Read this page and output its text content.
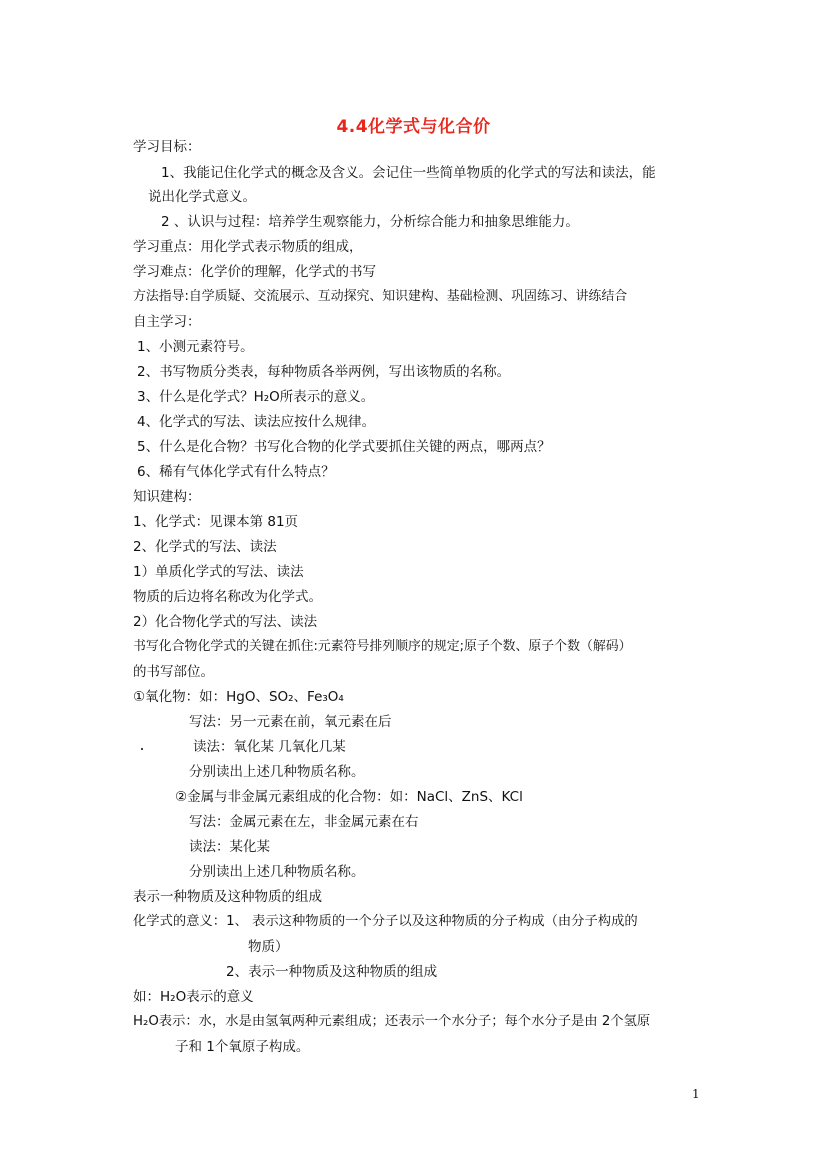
4.4化学式与化合价
学习目标：
1、我能记住化学式的概念及含义。会记住一些简单物质的化学式的写法和读法，能
说出化学式意义。
2 、认识与过程：培养学生观察能力，分析综合能力和抽象思维能力。
学习重点：用化学式表示物质的组成，
学习难点：化学价的理解，化学式的书写
方法指导:自学质疑、交流展示、互动探究、知识建构、基础检测、巩固练习、讲练结合
自主学习：
1、小测元素符号。
2、书写物质分类表，每种物质各举两例，写出该物质的名称。
3、什么是化学式？H₂O所表示的意义。
4、化学式的写法、读法应按什么规律。
5、什么是化合物？书写化合物的化学式要抓住关键的两点，哪两点？
6、稀有气体化学式有什么特点？
知识建构：
1、化学式：见课本第 81页
2、化学式的写法、读法
1）单质化学式的写法、读法
物质的后边将名称改为化学式。
2）化合物化学式的写法、读法
书写化合物化学式的关键在抓住:元素符号排列顺序的规定;原子个数、原子个数（解码）
的书写部位。
①氧化物：如：HgO、SO₂、Fe₃O₄
写法：另一元素在前，氧元素在后
读法：氧化某 几氧化几某
分别读出上述几种物质名称。
②金属与非金属元素组成的化合物：如：NaCl、ZnS、KCl
写法：金属元素在左，非金属元素在右
读法：某化某
分别读出上述几种物质名称。
表示一种物质及这种物质的组成
化学式的意义：1、 表示这种物质的一个分子以及这种物质的分子构成（由分子构成的
物质）
2、表示一种物质及这种物质的组成
如：H₂O表示的意义
H₂O表示：水，水是由氢氧两种元素组成；还表示一个水分子；每个水分子是由 2个氢原
子和 1个氧原子构成。
1
